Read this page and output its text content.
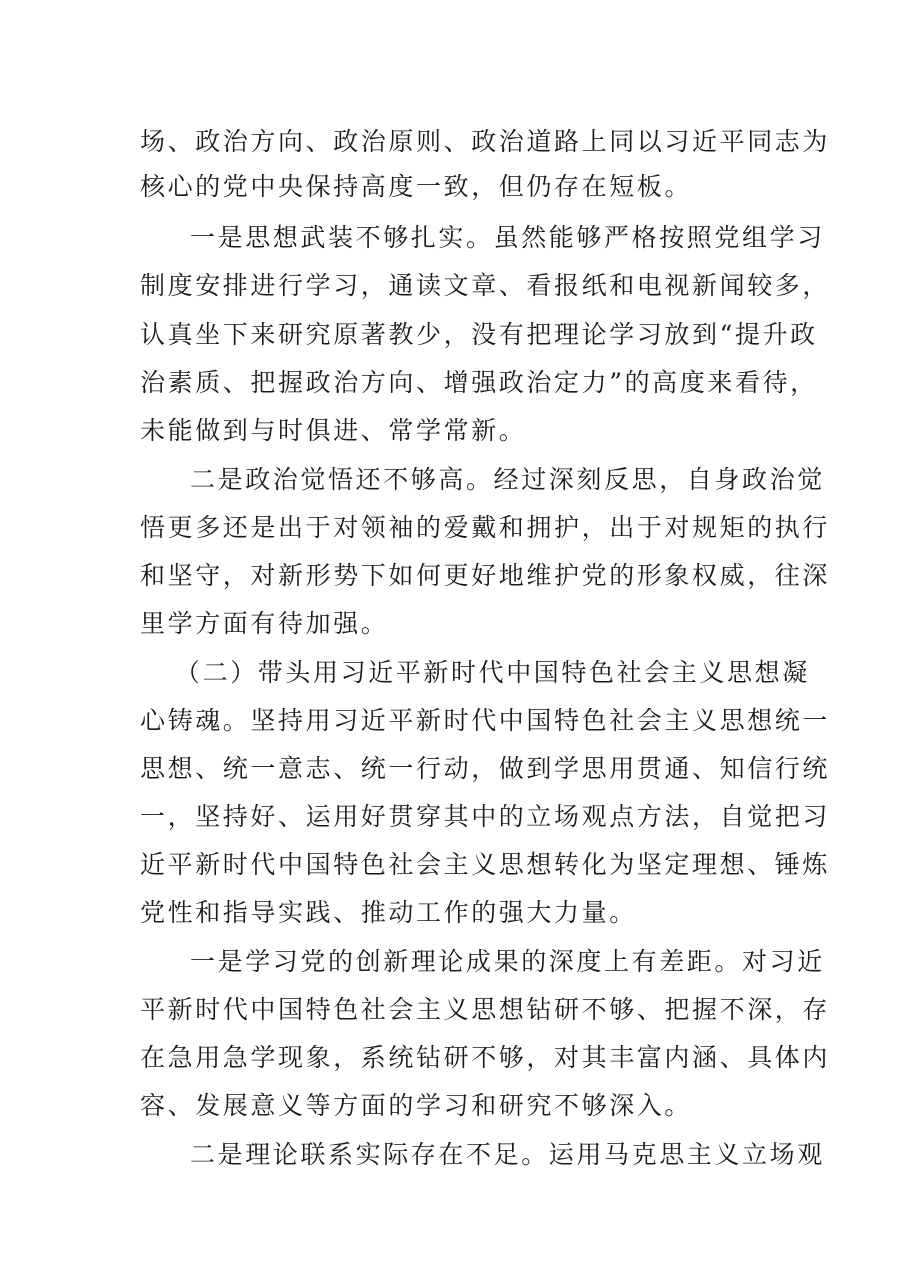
场、政治方向、政治原则、政治道路上同以习近平同志为
核心的党中央保持高度一致，但仍存在短板。
一是思想武装不够扎实。虽然能够严格按照党组学习
制度安排进行学习，通读文章、看报纸和电视新闻较多，
认真坐下来研究原著教少，没有把理论学习放到“提升政
治素质、把握政治方向、增强政治定力”的高度来看待，
未能做到与时俱进、常学常新。
二是政治觉悟还不够高。经过深刻反思，自身政治觉
悟更多还是出于对领袖的爱戴和拥护，出于对规矩的执行
和坚守，对新形势下如何更好地维护党的形象权威，往深
里学方面有待加强。
（二）带头用习近平新时代中国特色社会主义思想凝
心铸魂。坚持用习近平新时代中国特色社会主义思想统一
思想、统一意志、统一行动，做到学思用贯通、知信行统
一，坚持好、运用好贯穿其中的立场观点方法，自觉把习
近平新时代中国特色社会主义思想转化为坚定理想、锤炼
党性和指导实践、推动工作的强大力量。
一是学习党的创新理论成果的深度上有差距。对习近
平新时代中国特色社会主义思想钻研不够、把握不深，存
在急用急学现象，系统钻研不够，对其丰富内涵、具体内
容、发展意义等方面的学习和研究不够深入。
二是理论联系实际存在不足。运用马克思主义立场观
